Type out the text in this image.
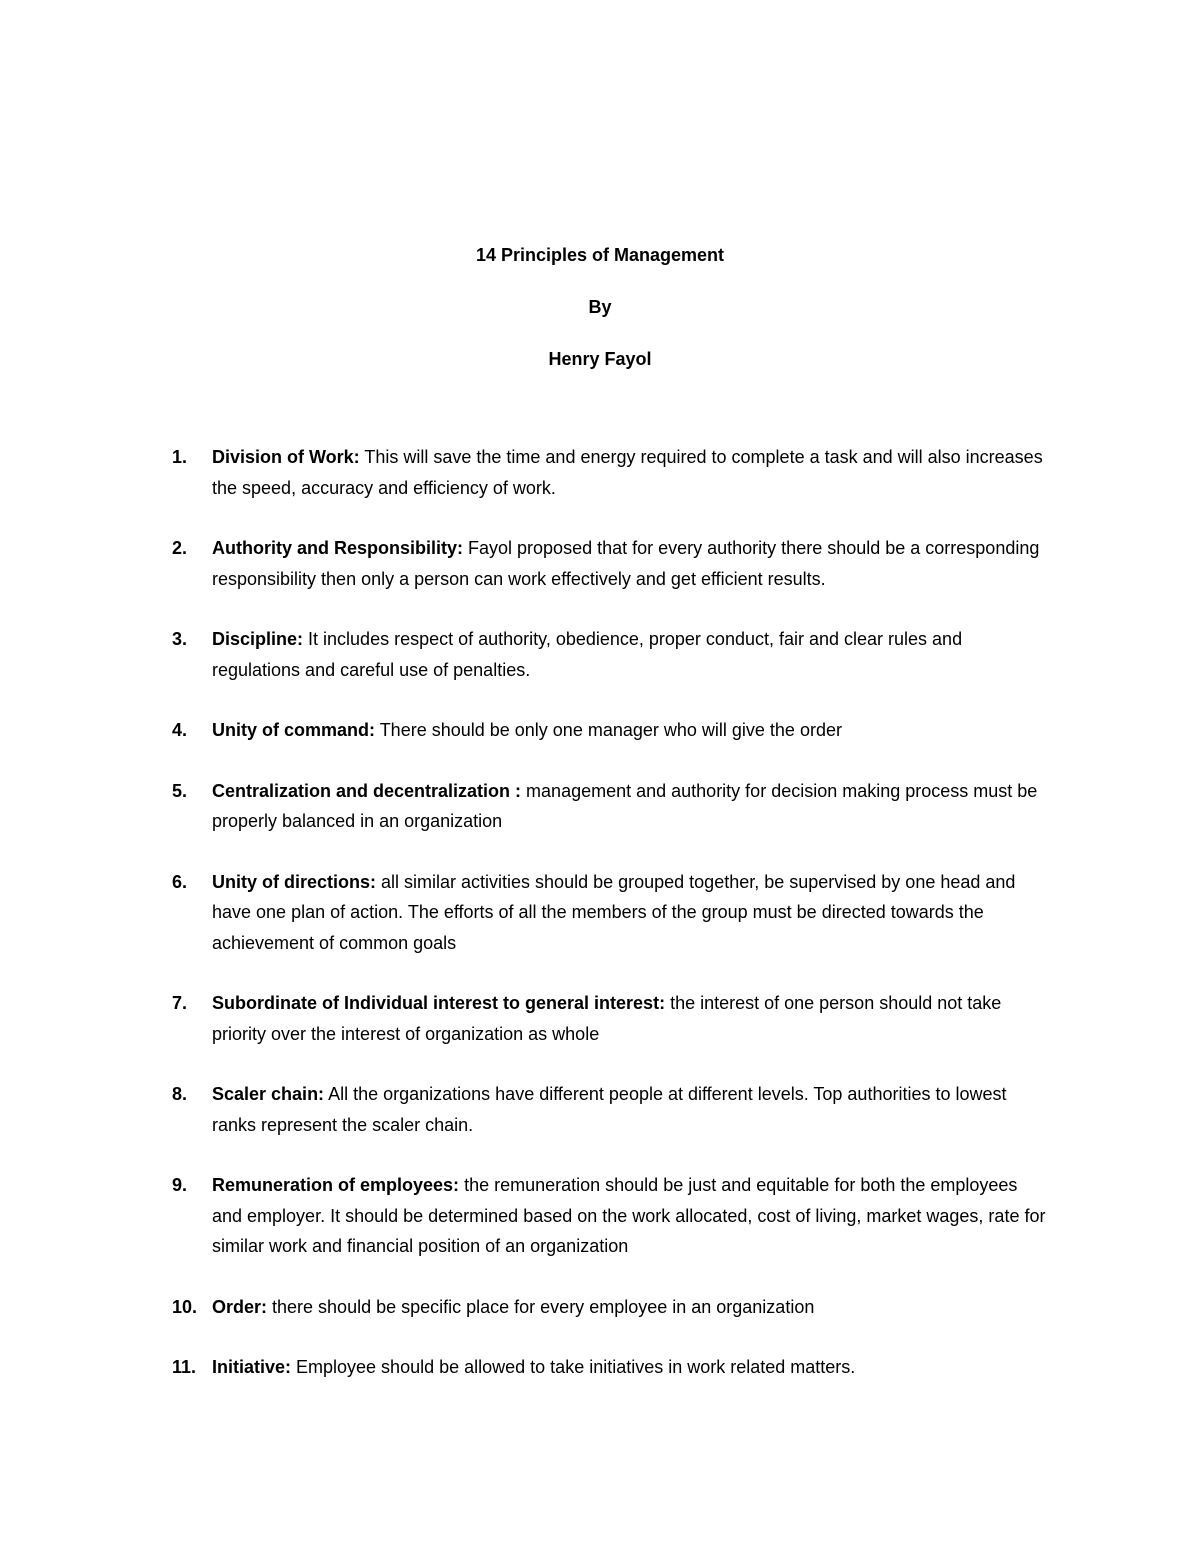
14 Principles of Management

By

Henry Fayol

1. Division of Work: This will save the time and energy required to complete a task and will also increases the speed, accuracy and efficiency of work.
2. Authority and Responsibility: Fayol proposed that for every authority there should be a corresponding responsibility then only a person can work effectively and get efficient results.
3. Discipline: It includes respect of authority, obedience, proper conduct, fair and clear rules and regulations and careful use of penalties.
4. Unity of command: There should be only one manager who will give the order
5. Centralization and decentralization : management and authority for decision making process must be properly balanced in an organization
6. Unity of directions: all similar activities should be grouped together, be supervised by one head and have one plan of action. The efforts of all the members of the group must be directed towards the achievement of common goals
7. Subordinate of Individual interest to general interest: the interest of one person should not take priority over the interest of organization as whole
8. Scaler chain: All the organizations have different people at different levels. Top authorities to lowest ranks represent the scaler chain.
9. Remuneration of employees: the remuneration should be just and equitable for both the employees and employer. It should be determined based on the work allocated, cost of living, market wages, rate for similar work and financial position of an organization
10. Order: there should be specific place for every employee in an organization
11. Initiative: Employee should be allowed to take initiatives in work related matters.
